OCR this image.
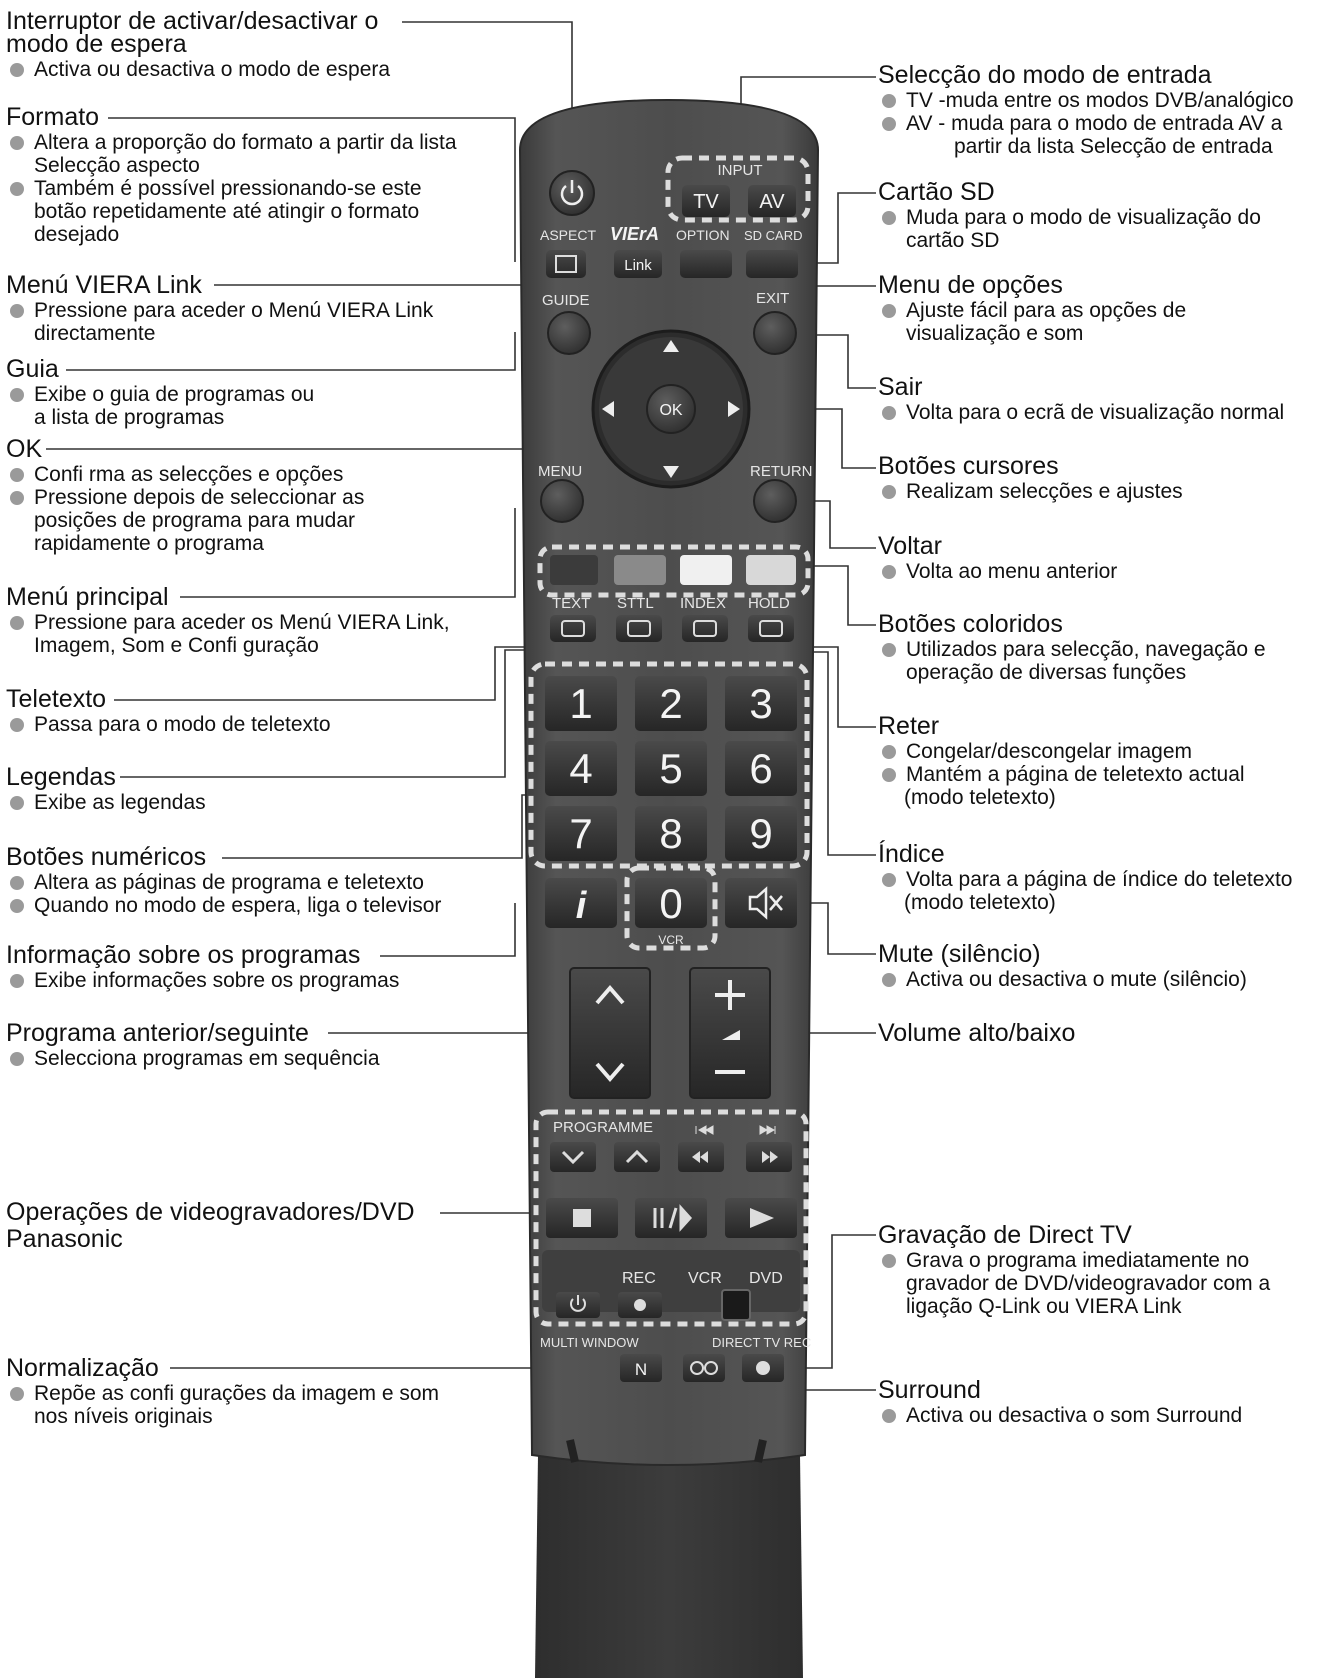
INPUT
TV AV
ASPECT VIErA OPTION SD CARD
Link
GUIDE	EXIT
OK
MENU	RETURN
TEXT STTL INDEX HOLD
1 2 3
4 5 6
7 8 9
i 0
VCR
PROGRAMME
REC VCR DVD
MULTI WINDOW	DIRECT TV REC
N
Interruptor de activar/desactivar o
modo de espera
Activa ou desactiva o modo de espera
Formato
Altera a proporção do formato a partir da lista
Selecção aspecto
Também é possível pressionando-se este
botão repetidamente até atingir o formato
desejado
Menú VIERA Link
Pressione para aceder o Menú VIERA Link
directamente
Guia
Exibe o guia de programas ou
a lista de programas
OK
Confi rma as selecções e opções
Pressione depois de seleccionar as
posições de programa para mudar
rapidamente o programa
Menú principal
Pressione para aceder os Menú VIERA Link,
Imagem, Som e Confi guração
Teletexto
Passa para o modo de teletexto
Legendas
Exibe as legendas
Botões numéricos
Altera as páginas de programa e teletexto
Quando no modo de espera, liga o televisor
Informação sobre os programas
Exibe informações sobre os programas
Programa anterior/seguinte
Selecciona programas em sequência
Operações de videogravadores/DVD
Panasonic
Normalização
Repõe as confi gurações da imagem e som
nos níveis originais
Selecção do modo de entrada
TV -muda entre os modos DVB/analógico
AV - muda para o modo de entrada AV a
partir da lista Selecção de entrada
Cartão SD
Muda para o modo de visualização do
cartão SD
Menu de opções
Ajuste fácil para as opções de
visualização e som
Sair
Volta para o ecrã de visualização normal
Botões cursores
Realizam selecções e ajustes
Voltar
Volta ao menu anterior
Botões coloridos
Utilizados para selecção, navegação e
operação de diversas funções
Reter
Congelar/descongelar imagem
Mantém a página de teletexto actual
(modo teletexto)
Índice
Volta para a página de índice do teletexto
(modo teletexto)
Mute (silêncio)
Activa ou desactiva o mute (silêncio)
Volume alto/baixo
Gravação de Direct TV
Grava o programa imediatamente no
gravador de DVD/videogravador com a
ligação Q-Link ou VIERA Link
Surround
Activa ou desactiva o som Surround
